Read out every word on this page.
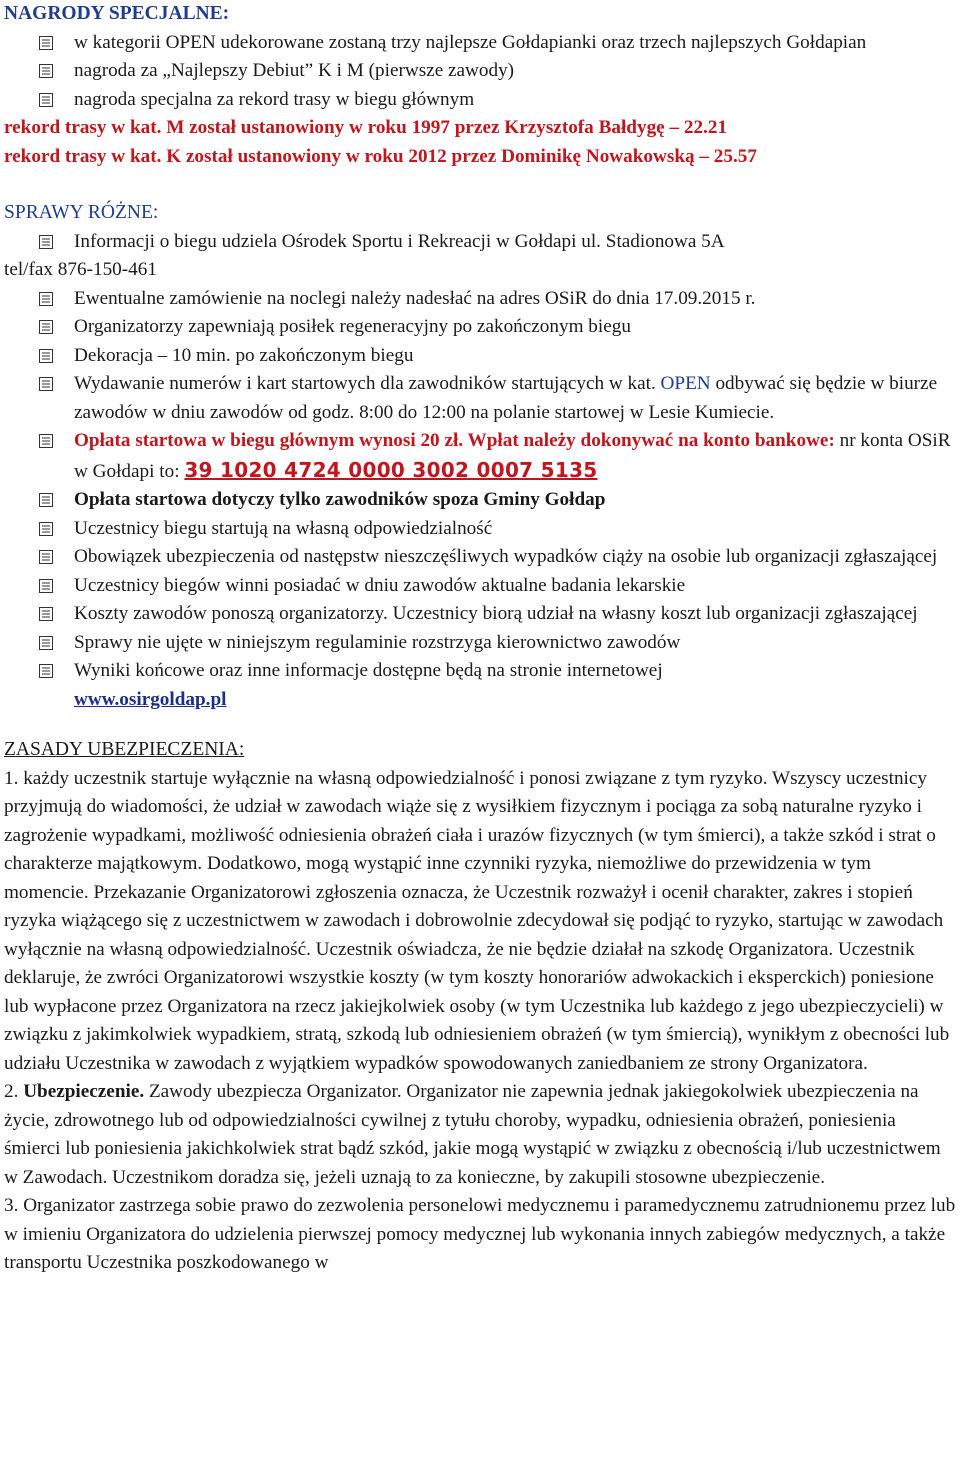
NAGRODY SPECJALNE:
w kategorii OPEN udekorowane zostaną trzy najlepsze Gołdapianki oraz trzech najlepszych Gołdapian
nagroda za „Najlepszy Debiut” K i M (pierwsze zawody)
nagroda specjalna za rekord trasy w biegu głównym

rekord trasy w kat. M został ustanowiony w roku 1997 przez Krzysztofa Bałdygę – 22.21

rekord trasy w kat. K został ustanowiony w roku 2012 przez Dominikę Nowakowską – 25.57

SPRAWY RÓŻNE:
Informacji o biegu udziela Ośrodek Sportu i Rekreacji w Gołdapi ul. Stadionowa 5A

tel/fax 876-150-461

Ewentualne zamówienie na noclegi należy nadesłać na adres OSiR do dnia 17.09.2015 r.
Organizatorzy zapewniają posiłek regeneracyjny po zakończonym biegu
Dekoracja – 10 min. po zakończonym biegu
Wydawanie numerów i kart startowych dla zawodników startujących w kat. OPEN odbywać się będzie w biurze zawodów w dniu zawodów od godz. 8:00 do 12:00 na polanie startowej w Lesie Kumiecie.
Opłata startowa w biegu głównym wynosi 20 zł. Wpłat należy dokonywać na konto bankowe: nr konta OSiR w Gołdapi to: 39 1020 4724 0000 3002 0007 5135
Opłata startowa dotyczy tylko zawodników spoza Gminy Gołdap
Uczestnicy biegu startują na własną odpowiedzialność
Obowiązek ubezpieczenia od następstw nieszczęśliwych wypadków ciąży na osobie lub organizacji zgłaszającej
Uczestnicy biegów winni posiadać w dniu zawodów aktualne badania lekarskie
Koszty zawodów ponoszą organizatorzy. Uczestnicy biorą udział na własny koszt lub organizacji zgłaszającej
Sprawy nie ujęte w niniejszym regulaminie rozstrzyga kierownictwo zawodów
Wyniki końcowe oraz inne informacje dostępne będą na stronie internetowej
www.osirgoldap.pl
ZASADY UBEZPIECZENIA:

1. każdy uczestnik startuje wyłącznie na własną odpowiedzialność i ponosi związane z tym ryzyko. Wszyscy uczestnicy przyjmują do wiadomości, że udział w zawodach wiąże się z wysiłkiem fizycznym i pociąga za sobą naturalne ryzyko i zagrożenie wypadkami, możliwość odniesienia obrażeń ciała i urazów fizycznych (w tym śmierci), a także szkód i strat o charakterze majątkowym. Dodatkowo, mogą wystąpić inne czynniki ryzyka, niemożliwe do przewidzenia w tym momencie. Przekazanie Organizatorowi zgłoszenia oznacza, że Uczestnik rozważył i ocenił charakter, zakres i stopień ryzyka wiążącego się z uczestnictwem w zawodach i dobrowolnie zdecydował się podjąć to ryzyko, startując w zawodach wyłącznie na własną odpowiedzialność. Uczestnik oświadcza, że nie będzie działał na szkodę Organizatora. Uczestnik deklaruje, że zwróci Organizatorowi wszystkie koszty (w tym koszty honorariów adwokackich i eksperckich) poniesione lub wypłacone przez Organizatora na rzecz jakiejkolwiek osoby (w tym Uczestnika lub każdego z jego ubezpieczycieli) w związku z jakimkolwiek wypadkiem, stratą, szkodą lub odniesieniem obrażeń (w tym śmiercią), wynikłym z obecności lub udziału Uczestnika w zawodach z wyjątkiem wypadków spowodowanych zaniedbaniem ze strony Organizatora.

2. Ubezpieczenie. Zawody ubezpiecza Organizator. Organizator nie zapewnia jednak jakiegokolwiek ubezpieczenia na życie, zdrowotnego lub od odpowiedzialności cywilnej z tytułu choroby, wypadku, odniesienia obrażeń, poniesienia śmierci lub poniesienia jakichkolwiek strat bądź szkód, jakie mogą wystąpić w związku z obecnością i/lub uczestnictwem w Zawodach. Uczestnikom doradza się, jeżeli uznają to za konieczne, by zakupili stosowne ubezpieczenie.

3. Organizator zastrzega sobie prawo do zezwolenia personelowi medycznemu i paramedycznemu zatrudnionemu przez lub w imieniu Organizatora do udzielenia pierwszej pomocy medycznej lub wykonania innych zabiegów medycznych, a także transportu Uczestnika poszkodowanego w
